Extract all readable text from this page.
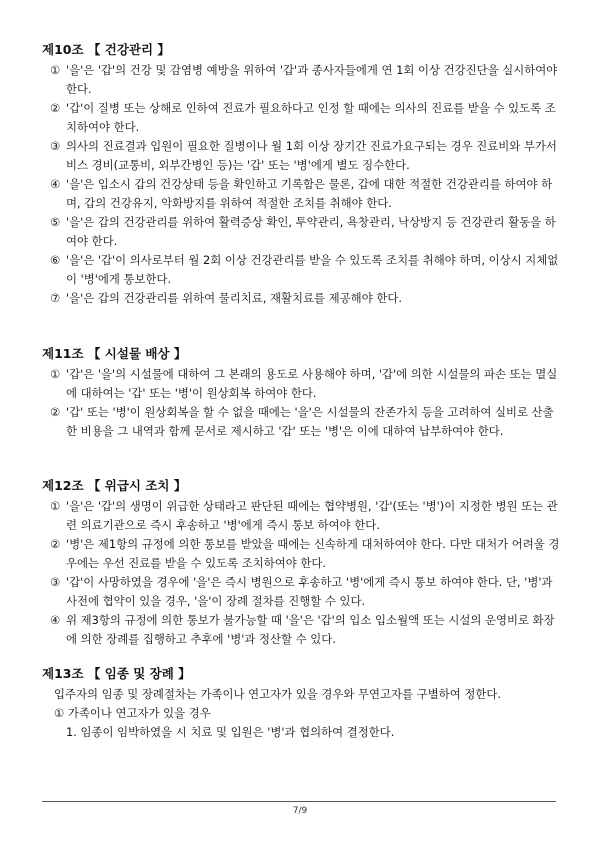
제10조 【 건강관리 】
① '을'은 '갑'의 건강 및 감염병 예방을 위하여 '갑'과 종사자들에게 연 1회 이상 건강진단을 실시하여야 한다.
② '갑'이 질병 또는 상해로 인하여 진료가 필요하다고 인정 할 때에는 의사의 진료를 받을 수 있도록 조치하여야 한다.
③ 의사의 진료결과 입원이 필요한 질병이나 월 1회 이상 장기간 진료가요구되는 경우 진료비와 부가서비스 경비(교통비, 외부간병인 등)는 '갑' 또는 '병'에게 별도 징수한다.
④ '을'은 입소시 갑의 건강상태 등을 확인하고 기록함은 물론, 갑에 대한 적절한 건강관리를 하여야 하며, 갑의 건강유지, 악화방지를 위하여 적절한 조치를 취해야 한다.
⑤ '을'은 갑의 건강관리를 위하여 활력증상 확인, 투약관리, 욕창관리, 낙상방지 등 건강관리 활동을 하여야 한다.
⑥ '을'은 '갑'이 의사로부터 월 2회 이상 건강관리를 받을 수 있도록 조치를 취해야 하며, 이상시 지체없이 '병'에게 통보한다.
⑦ '을'은 갑의 건강관리를 위하여 물리치료, 재활치료를 제공해야 한다.
제11조 【 시설물 배상 】
① '갑'은 '을'의 시설물에 대하여 그 본래의 용도로 사용해야 하며, '갑'에 의한 시설물의 파손 또는 멸실에 대하여는 '갑' 또는 '병'이 원상회복 하여야 한다.
② '갑' 또는 '병'이 원상회복을 할 수 없을 때에는 '을'은 시설물의 잔존가치 등을 고려하여 실비로 산출한 비용을 그 내역과 함께 문서로 제시하고 '갑' 또는 '병'은 이에 대하여 납부하여야 한다.
제12조 【 위급시 조치 】
① '을'은 '갑'의 생명이 위급한 상태라고 판단된 때에는 협약병원, '갑'(또는 '병')이 지정한 병원 또는 관련 의료기관으로 즉시 후송하고 '병'에게 즉시 통보 하여야 한다.
② '병'은 제1항의 규정에 의한 통보를 받았을 때에는 신속하게 대처하여야 한다. 다만 대처가 어려울 경우에는 우선 진료를 받을 수 있도록 조치하여야 한다.
③ '갑'이 사망하였을 경우에 '을'은 즉시 병원으로 후송하고 '병'에게 즉시 통보 하여야 한다. 단, '병'과 사전에 협약이 있을 경우, '을'이 장례 절차를 진행할 수 있다.
④ 위 제3항의 규정에 의한 통보가 불가능할 때 '을'은 '갑'의 입소 입소월액 또는 시설의 운영비로 화장에 의한 장례를 집행하고 추후에 '병'과 정산할 수 있다.
제13조 【 임종 및 장례 】
입주자의 임종 및 장례절차는 가족이나 연고자가 있을 경우와 무연고자를 구별하여 정한다.
① 가족이나 연고자가 있을 경우
1. 임종이 임박하였을 시 치료 및 입원은 '병'과 협의하여 결정한다.
7/9
